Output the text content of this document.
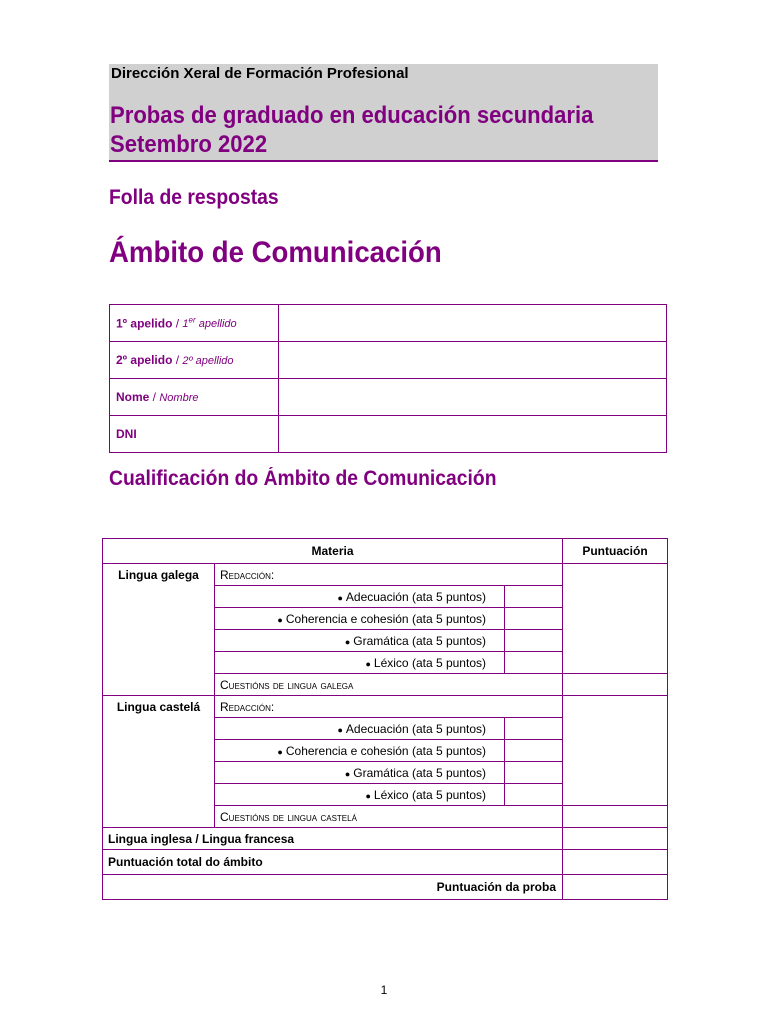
Dirección Xeral de Formación Profesional
Probas de graduado en educación secundaria
Setembro 2022
Folla de respostas
Ámbito de Comunicación
1º apelido / 1er apellido	
2º apelido / 2º apellido	
Nome / Nombre	
DNI	
Cualificación do Ámbito de Comunicación
Materia			Puntuación
Lingua galega	Redacción:		
	● Adecuación (ata 5 puntos)		
	● Coherencia e cohesión (ata 5 puntos)		
	● Gramática (ata 5 puntos)		
	● Léxico (ata 5 puntos)		
	Cuestións de lingua galega		
Lingua castelá	Redacción:		
	● Adecuación (ata 5 puntos)		
	● Coherencia e cohesión (ata 5 puntos)		
	● Gramática (ata 5 puntos)		
	● Léxico (ata 5 puntos)		
	Cuestións de lingua castelá		
Lingua inglesa / Lingua francesa			
Puntuación total do ámbito			
Puntuación da proba			
1
